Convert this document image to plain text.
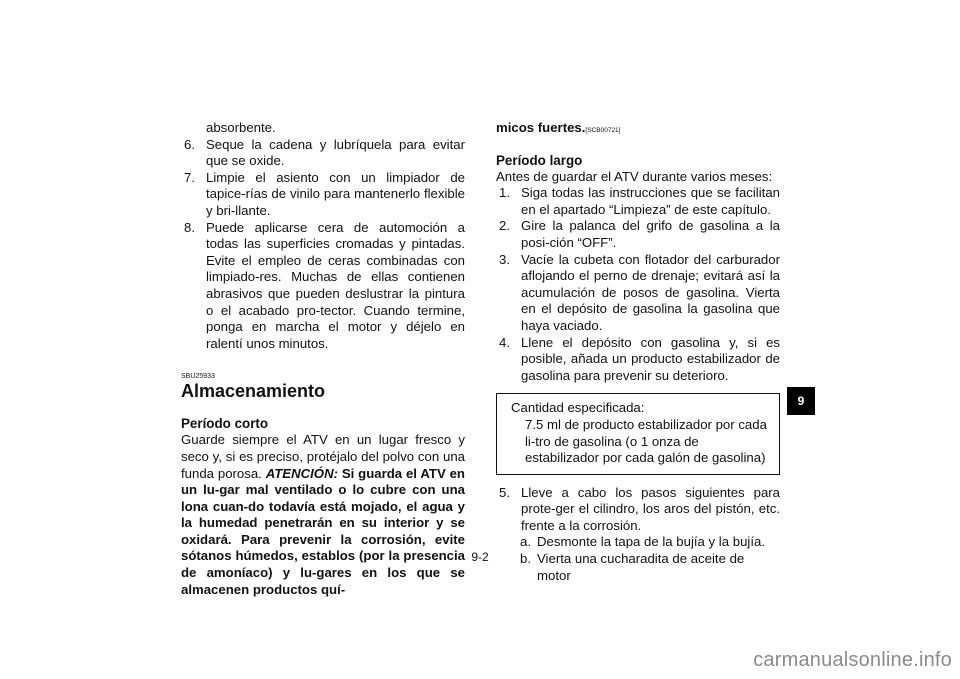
absorbente.

6. Seque la cadena y lubríquela para evitar que se oxide.
7. Limpie el asiento con un limpiador de tapice-rías de vinilo para mantenerlo flexible y bri-llante.
8. Puede aplicarse cera de automoción a todas las superficies cromadas y pintadas. Evite el empleo de ceras combinadas con limpiado-res. Muchas de ellas contienen abrasivos que pueden deslustrar la pintura o el acabado pro-tector. Cuando termine, ponga en marcha el motor y déjelo en ralentí unos minutos.
SBU25933
Almacenamiento
Período corto

Guarde siempre el ATV en un lugar fresco y seco y, si es preciso, protéjalo del polvo con una funda porosa. ATENCIÓN: Si guarda el ATV en un lu-gar mal ventilado o lo cubre con una lona cuan-do todavía está mojado, el agua y la humedad penetrarán en su interior y se oxidará. Para prevenir la corrosión, evite sótanos húmedos, establos (por la presencia de amoníaco) y lu-gares en los que se almacenen productos quí-

micos fuertes.[SCB00721]

Período largo

Antes de guardar el ATV durante varios meses:

1. Siga todas las instrucciones que se facilitan en el apartado “Limpieza” de este capítulo.
2. Gire la palanca del grifo de gasolina a la posi-ción “OFF”.
3. Vacíe la cubeta con flotador del carburador aflojando el perno de drenaje; evitará así la acumulación de posos de gasolina. Vierta en el depósito de gasolina la gasolina que haya vaciado.
4. Llene el depósito con gasolina y, si es posible, añada un producto estabilizador de gasolina para prevenir su deterioro.
Cantidad especificada:
7.5 ml de producto estabilizador por cada li-tro de gasolina (o 1 onza de estabilizador por cada galón de gasolina)
5. Lleve a cabo los pasos siguientes para prote-ger el cilindro, los aros del pistón, etc. frente a la corrosión.
a. Desmonte la tapa de la bujía y la bujía.
b. Vierta una cucharadita de aceite de motor
9-2
9
carmanualsonline.info
